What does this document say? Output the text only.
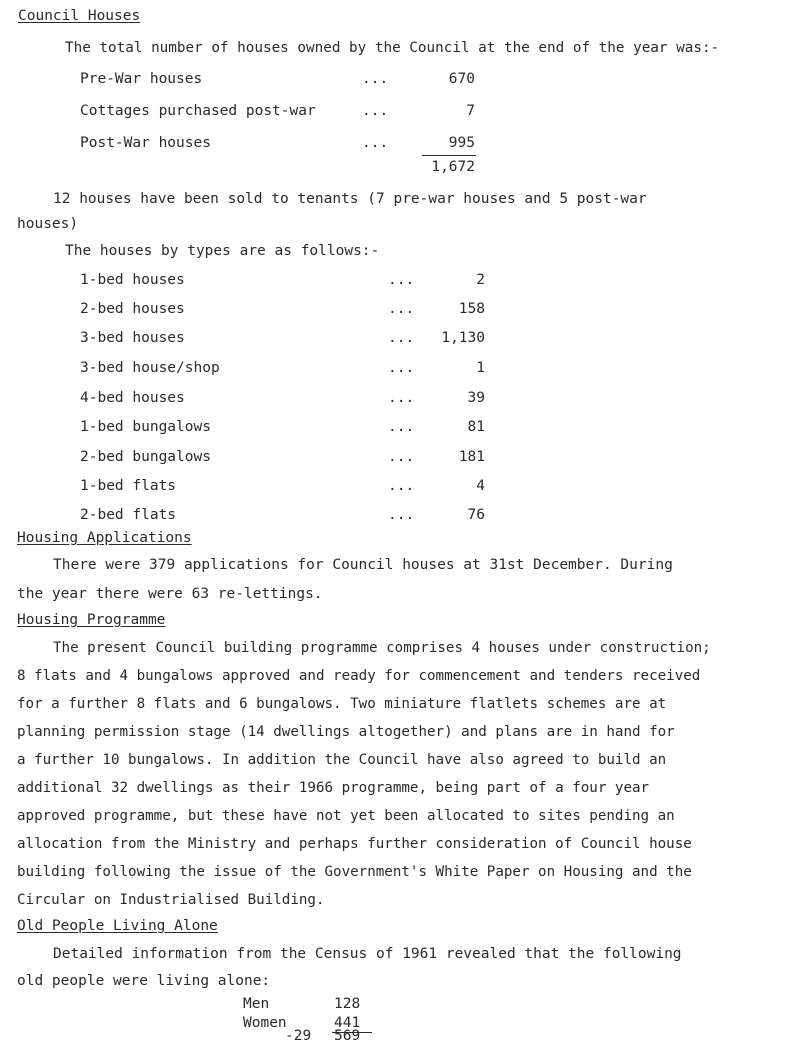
Council Houses
The total number of houses owned by the Council at the end of the year was:-
Pre-War houses	...	670
Cottages purchased post-war	...	7
Post-War houses	...	995
1,672
12 houses have been sold to tenants (7 pre-war houses and 5 post-war
houses)
The houses by types are as follows:-
1-bed houses	...	2
2-bed houses	...	158
3-bed houses	...	1,130
3-bed house/shop	...	1
4-bed houses	...	39
1-bed bungalows	...	81
2-bed bungalows	...	181
1-bed flats	...	4
2-bed flats	...	76
Housing Applications
There were 379 applications for Council houses at 31st December. During
the year there were 63 re-lettings.
Housing Programme
The present Council building programme comprises 4 houses under construction;
8 flats and 4 bungalows approved and ready for commencement and tenders received
for a further 8 flats and 6 bungalows. Two miniature flatlets schemes are at
planning permission stage (14 dwellings altogether) and plans are in hand for
a further 10 bungalows. In addition the Council have also agreed to build an
additional 32 dwellings as their 1966 programme, being part of a four year
approved programme, but these have not yet been allocated to sites pending an
allocation from the Ministry and perhaps further consideration of Council house
building following the issue of the Government's White Paper on Housing and the
Circular on Industrialised Building.
Old People Living Alone
Detailed information from the Census of 1961 revealed that the following
old people were living alone:
Men	128
Women	441
-29 569
